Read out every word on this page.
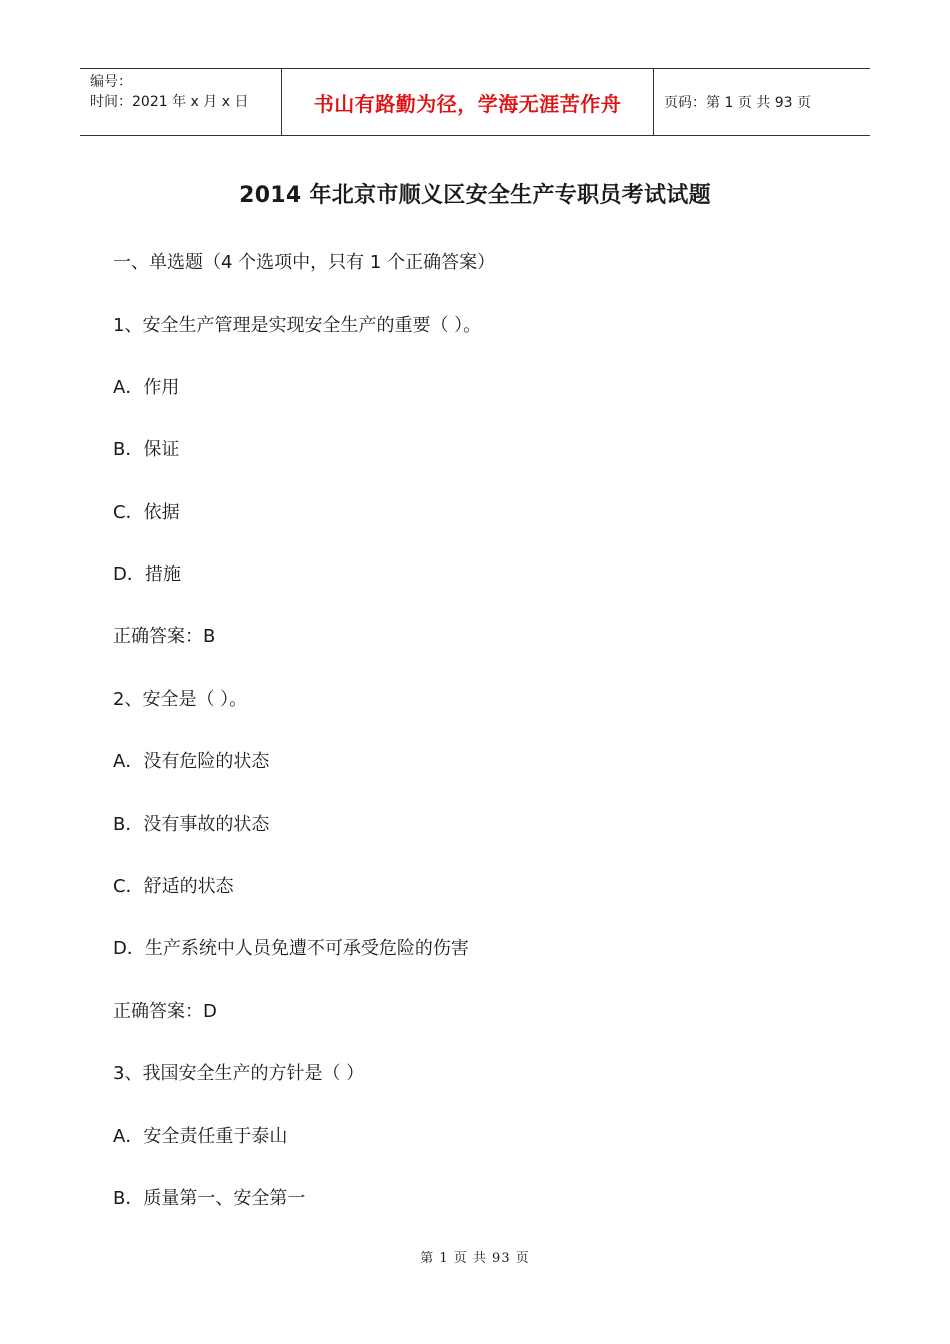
编号：
时间：2021 年 x 月 x 日	书山有路勤为径，学海无涯苦作舟	页码：第 1 页 共 93 页
2014 年北京市顺义区安全生产专职员考试试题
一、单选题（4 个选项中，只有 1 个正确答案）
1、安全生产管理是实现安全生产的重要（ ）。
A．作用
B．保证
C．依据
D．措施
正确答案：B
2、安全是（ ）。
A．没有危险的状态
B．没有事故的状态
C．舒适的状态
D．生产系统中人员免遭不可承受危险的伤害
正确答案：D
3、我国安全生产的方针是（ ）
A．安全责任重于泰山
B．质量第一、安全第一
第 1 页 共 93 页
